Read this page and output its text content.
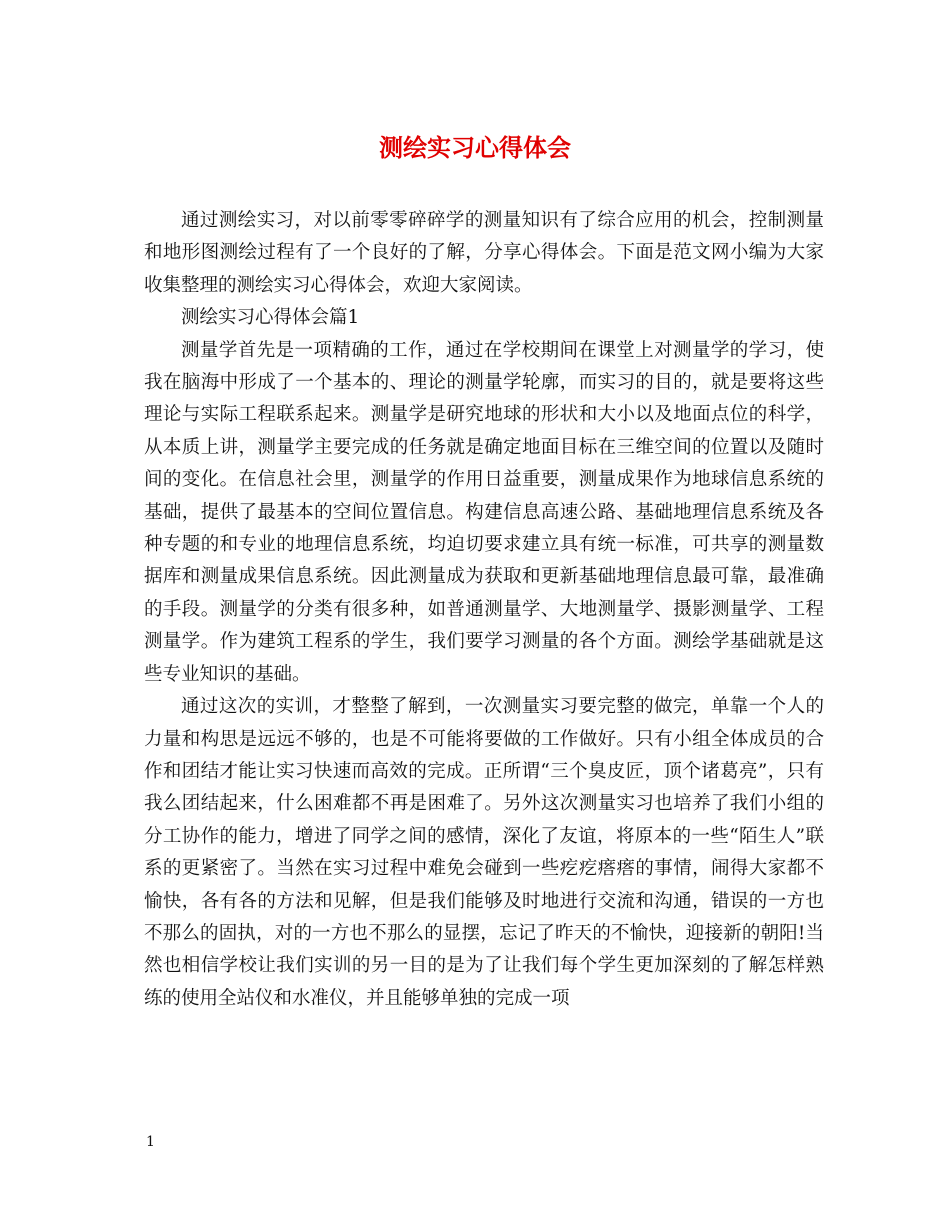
测绘实习心得体会

通过测绘实习，对以前零零碎碎学的测量知识有了综合应用的机会，控制测量和地形图测绘过程有了一个良好的了解，分享心得体会。下面是范文网小编为大家收集整理的测绘实习心得体会，欢迎大家阅读。

测绘实习心得体会篇1

测量学首先是一项精确的工作，通过在学校期间在课堂上对测量学的学习，使我在脑海中形成了一个基本的、理论的测量学轮廓，而实习的目的，就是要将这些理论与实际工程联系起来。测量学是研究地球的形状和大小以及地面点位的科学，从本质上讲，测量学主要完成的任务就是确定地面目标在三维空间的位置以及随时间的变化。在信息社会里，测量学的作用日益重要，测量成果作为地球信息系统的基础，提供了最基本的空间位置信息。构建信息高速公路、基础地理信息系统及各种专题的和专业的地理信息系统，均迫切要求建立具有统一标准，可共享的测量数据库和测量成果信息系统。因此测量成为获取和更新基础地理信息最可靠，最准确的手段。测量学的分类有很多种，如普通测量学、大地测量学、摄影测量学、工程测量学。作为建筑工程系的学生，我们要学习测量的各个方面。测绘学基础就是这些专业知识的基础。

通过这次的实训，才整整了解到，一次测量实习要完整的做完，单靠一个人的力量和构思是远远不够的，也是不可能将要做的工作做好。只有小组全体成员的合作和团结才能让实习快速而高效的完成。正所谓“三个臭皮匠，顶个诸葛亮”，只有我么团结起来，什么困难都不再是困难了。另外这次测量实习也培养了我们小组的分工协作的能力，增进了同学之间的感情，深化了友谊，将原本的一些“陌生人”联系的更紧密了。当然在实习过程中难免会碰到一些疙疙瘩瘩的事情，闹得大家都不愉快，各有各的方法和见解，但是我们能够及时地进行交流和沟通，错误的一方也不那么的固执，对的一方也不那么的显摆，忘记了昨天的不愉快，迎接新的朝阳!当然也相信学校让我们实训的另一目的是为了让我们每个学生更加深刻的了解怎样熟练的使用全站仪和水准仪，并且能够单独的完成一项

1
